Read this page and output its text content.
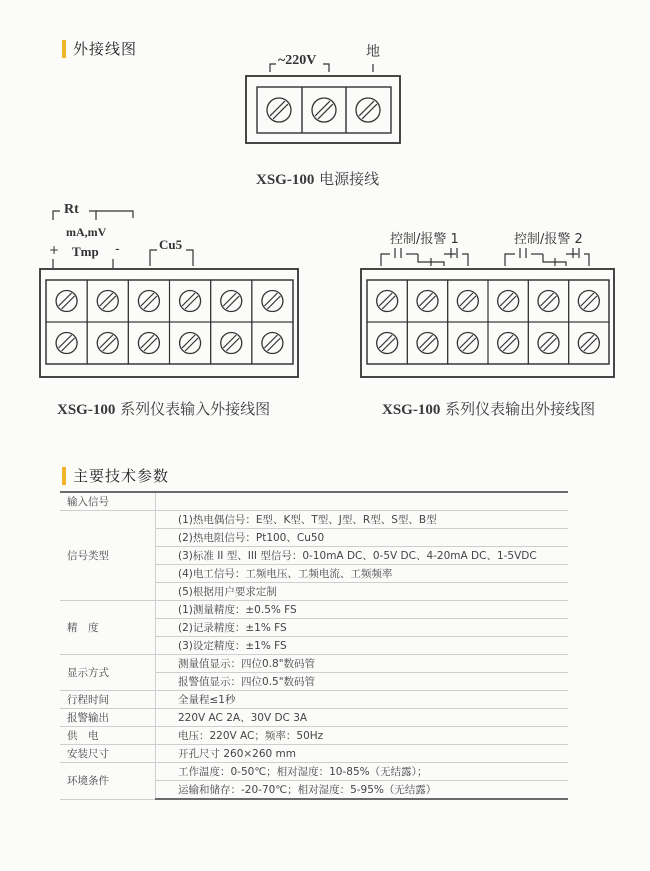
外接线图
~220V
地
XSG-100 电源接线
Rt
mA,mV
+ Tmp -	Cu5
XSG-100 系列仪表输入外接线图
控制/报警 1	控制/报警 2
XSG-100 系列仪表输出外接线图
主要技术参数
输入信号	
信号类型	(1)热电偶信号：E型、K型、T型、J型、R型、S型、B型
	(2)热电阻信号：Pt100、Cu50
	(3)标准 II 型、III 型信号：0-10mA DC、0-5V DC、4-20mA DC、1-5VDC
	(4)电工信号：工频电压、工频电流、工频频率
	(5)根据用户要求定制
精　度	(1)测量精度：±0.5% FS
	(2)记录精度：±1% FS
	(3)设定精度：±1% FS
显示方式	测量值显示：四位0.8"数码管
	报警值显示：四位0.5"数码管
行程时间	全量程≤1秒
报警输出	220V AC 2A、30V DC 3A
供　电	电压：220V AC；频率：50Hz
安装尺寸	开孔尺寸 260×260 mm
环境条件	工作温度：0-50℃；相对湿度：10-85%（无结露）；
	运输和储存：-20-70℃；相对湿度：5-95%（无结露）
